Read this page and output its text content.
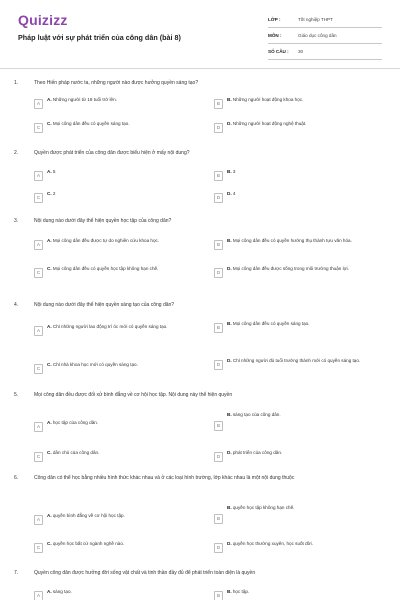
Quizizz
Pháp luật với sự phát triển của công dân (bài 8)
LỚP :	Tốt nghiệp THPT
MÔN :	Giáo dục công dân
SỐ CÂU :	30
1.	Theo Hiến pháp nước ta, những người nào được hưởng quyền sáng tạo?
A
A. Những người từ 18 tuổi trở lên.
B
B. Những người hoạt động khoa học.
C
C. Mọi công dân đều có quyền sáng tạo.
D
D. Những người hoạt động nghệ thuật.
2.	Quyền được phát triển của công dân được biểu hiện ở mấy nội dung?
A
A. 5
B
B. 3
C
C. 2
D
D. 4
3.	Nội dung nào dưới đây thể hiện quyền học tập của công dân?
A
A. Mọi công dân đều được tự do nghiên cứu khoa học.
B
B. Mọi công dân đều có quyền hưởng thụ thành tựu văn hóa.
C
C. Mọi công dân đều có quyền học tập không hạn chế.
D
D. Mọi công dân đều được sống trong môi trường thuận lợi.
4.	Nội dung nào dưới đây thể hiện quyền sáng tạo của công dân?
A
A. Chỉ những người lao động trí óc mới có quyền sáng tạo.	B
B. Mọi công dân đều có quyền sáng tạo.
C
C. Chỉ nhà khoa học mới có quyền sáng tạo.	D
D. Chỉ những người đủ tuổi trưởng thành mới có quyền sáng tạo.
5.	Mọi công dân đều được đối xử bình đẳng về cơ hội học tập. Nội dung này thể hiện quyền
A
A. học tập của công dân.
B
B. sáng tạo của công dân.
C
C. dân chủ của công dân.
D
D. phát triển của công dân.
6.	Công dân có thể học bằng nhiều hình thức khác nhau và ở các loại hình trường, lớp khác nhau là một nội dung thuộc
A
A. quyền bình đẳng về cơ hội học tập.
B
B. quyền học tập không hạn chế.
C
C. quyền học bất cứ ngành nghề nào.
D
D. quyền học thường xuyên, học suốt đời.
7.	Quyền công dân được hưởng đời sống vật chất và tinh thần đầy đủ để phát triển toàn diện là quyền
A
A. sáng tạo.
B
B. học tập.
